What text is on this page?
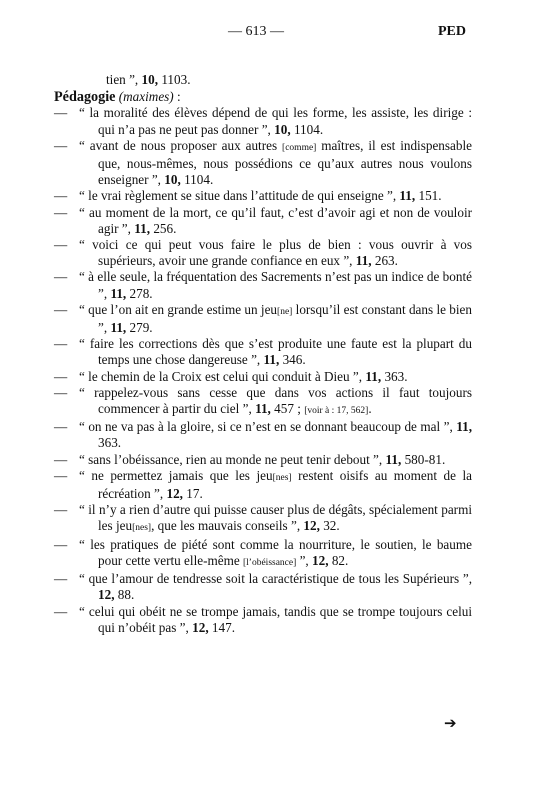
— 613 —	PED
tien ”, 10, 1103.
Pédagogie (maximes) :
— “ la moralité des élèves dépend de qui les forme, les assiste, les dirige : qui n’a pas ne peut pas donner ”, 10, 1104.
— “ avant de nous proposer aux autres [comme] maîtres, il est indispensable que, nous-mêmes, nous possédions ce qu’aux autres nous voulons enseigner ”, 10, 1104.
— “ le vrai règlement se situe dans l’attitude de qui enseigne ”, 11, 151.
— “ au moment de la mort, ce qu’il faut, c’est d’avoir agi et non de vouloir agir ”, 11, 256.
— “ voici ce qui peut vous faire le plus de bien : vous ouvrir à vos supérieurs, avoir une grande confiance en eux ”, 11, 263.
— “ à elle seule, la fréquentation des Sacrements n’est pas un indice de bonté ”, 11, 278.
— “ que l’on ait en grande estime un jeu[ne] lorsqu’il est constant dans le bien ”, 11, 279.
— “ faire les corrections dès que s’est produite une faute est la plupart du temps une chose dangereuse ”, 11, 346.
— “ le chemin de la Croix est celui qui conduit à Dieu ”, 11, 363.
— “ rappelez-vous sans cesse que dans vos actions il faut toujours commencer à partir du ciel ”, 11, 457 ; [voir à : 17, 562].
— “ on ne va pas à la gloire, si ce n’est en se donnant beaucoup de mal ”, 11, 363.
— “ sans l’obéissance, rien au monde ne peut tenir debout ”, 11, 580-81.
— “ ne permettez jamais que les jeu[nes] restent oisifs au moment de la récréation ”, 12, 17.
— “ il n’y a rien d’autre qui puisse causer plus de dégâts, spécialement parmi les jeu[nes], que les mauvais conseils ”, 12, 32.
— “ les pratiques de piété sont comme la nourriture, le soutien, le baume pour cette vertu elle-même [l’obéissance] ”, 12, 82.
— “ que l’amour de tendresse soit la caractéristique de tous les Supérieurs ”, 12, 88.
— “ celui qui obéit ne se trompe jamais, tandis que se trompe toujours celui qui n’obéit pas ”, 12, 147.
➔
